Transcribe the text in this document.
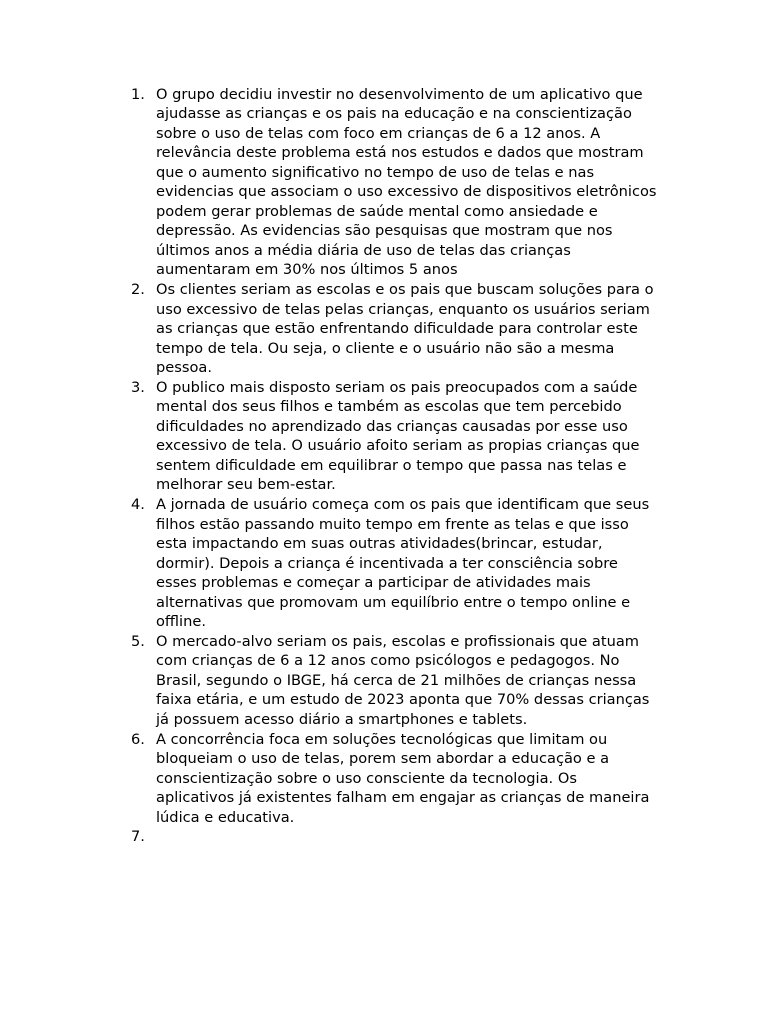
1. O grupo decidiu investir no desenvolvimento de um aplicativo que ajudasse as crianças e os pais na educação e na conscientização sobre o uso de telas com foco em crianças de 6 a 12 anos. A relevância deste problema está nos estudos e dados que mostram que o aumento significativo no tempo de uso de telas e nas evidencias que associam o uso excessivo de dispositivos eletrônicos podem gerar problemas de saúde mental como ansiedade e depressão. As evidencias são pesquisas que mostram que nos últimos anos a média diária de uso de telas das crianças aumentaram em 30% nos últimos 5 anos
2. Os clientes seriam as escolas e os pais que buscam soluções para o uso excessivo de telas pelas crianças, enquanto os usuários seriam as crianças que estão enfrentando dificuldade para controlar este tempo de tela. Ou seja, o cliente e o usuário não são a mesma pessoa.
3. O publico mais disposto seriam os pais preocupados com a saúde mental dos seus filhos e também as escolas que tem percebido dificuldades no aprendizado das crianças causadas por esse uso excessivo de tela. O usuário afoito seriam as propias crianças que sentem dificuldade em equilibrar o tempo que passa nas telas e melhorar seu bem-estar.
4. A jornada de usuário começa com os pais que identificam que seus filhos estão passando muito tempo em frente as telas e que isso esta impactando em suas outras atividades(brincar, estudar, dormir). Depois a criança é incentivada a ter consciência sobre esses problemas e começar a participar de atividades mais alternativas que promovam um equilíbrio entre o tempo online e offline.
5. O mercado-alvo seriam os pais, escolas e profissionais que atuam com crianças de 6 a 12 anos como psicólogos e pedagogos. No Brasil, segundo o IBGE, há cerca de 21 milhões de crianças nessa faixa etária, e um estudo de 2023 aponta que 70% dessas crianças já possuem acesso diário a smartphones e tablets.
6. A concorrência foca em soluções tecnológicas que limitam ou bloqueiam o uso de telas, porem sem abordar a educação e a conscientização sobre o uso consciente da tecnologia. Os aplicativos já existentes falham em engajar as crianças de maneira lúdica e educativa.
7.
